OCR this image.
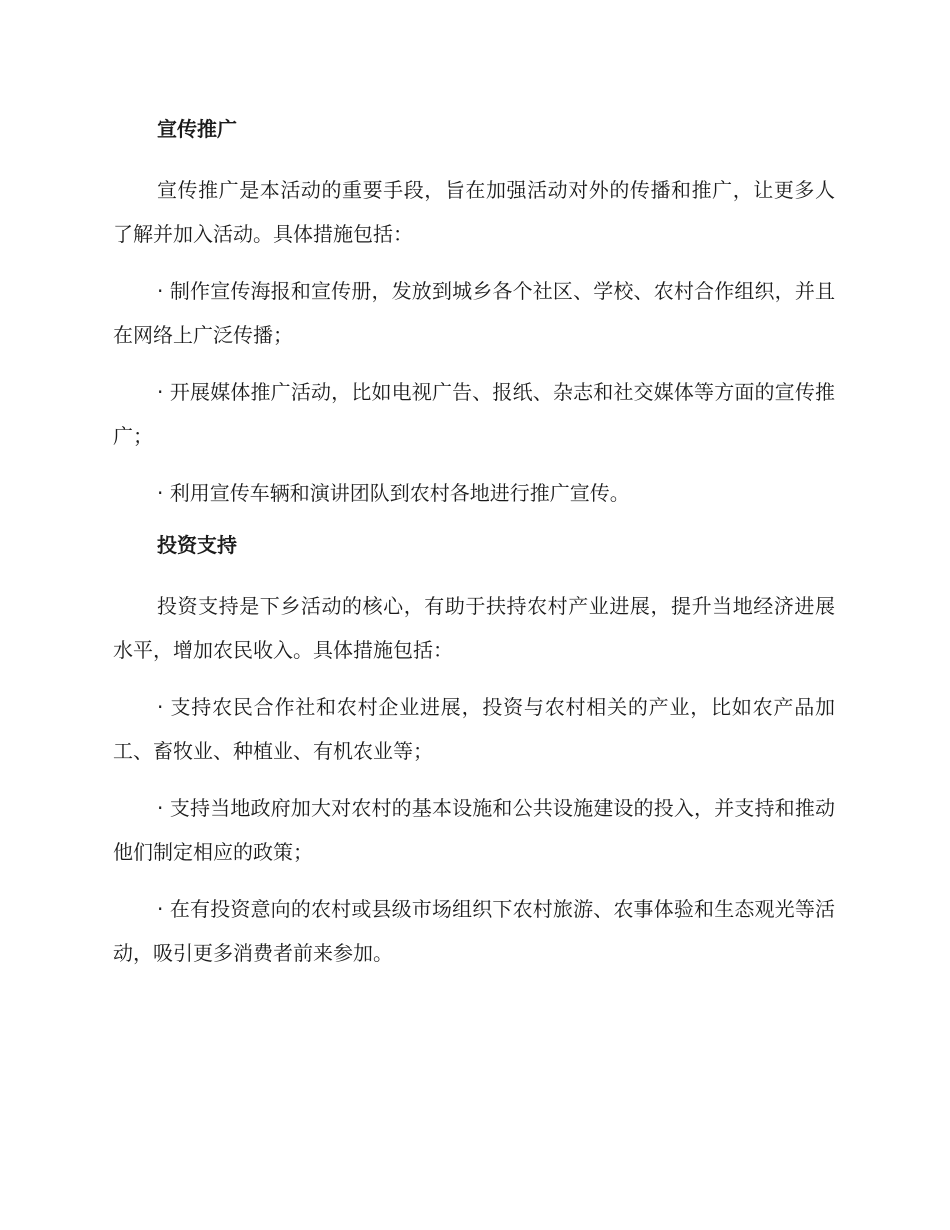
宣传推广

宣传推广是本活动的重要手段，旨在加强活动对外的传播和推广，让更多人了解并加入活动。具体措施包括：

· 制作宣传海报和宣传册，发放到城乡各个社区、学校、农村合作组织，并且在网络上广泛传播；

· 开展媒体推广活动，比如电视广告、报纸、杂志和社交媒体等方面的宣传推广；

· 利用宣传车辆和演讲团队到农村各地进行推广宣传。

投资支持

投资支持是下乡活动的核心，有助于扶持农村产业进展，提升当地经济进展水平，增加农民收入。具体措施包括：

· 支持农民合作社和农村企业进展，投资与农村相关的产业，比如农产品加工、畜牧业、种植业、有机农业等；

· 支持当地政府加大对农村的基本设施和公共设施建设的投入，并支持和推动他们制定相应的政策；

· 在有投资意向的农村或县级市场组织下农村旅游、农事体验和生态观光等活动，吸引更多消费者前来参加。
